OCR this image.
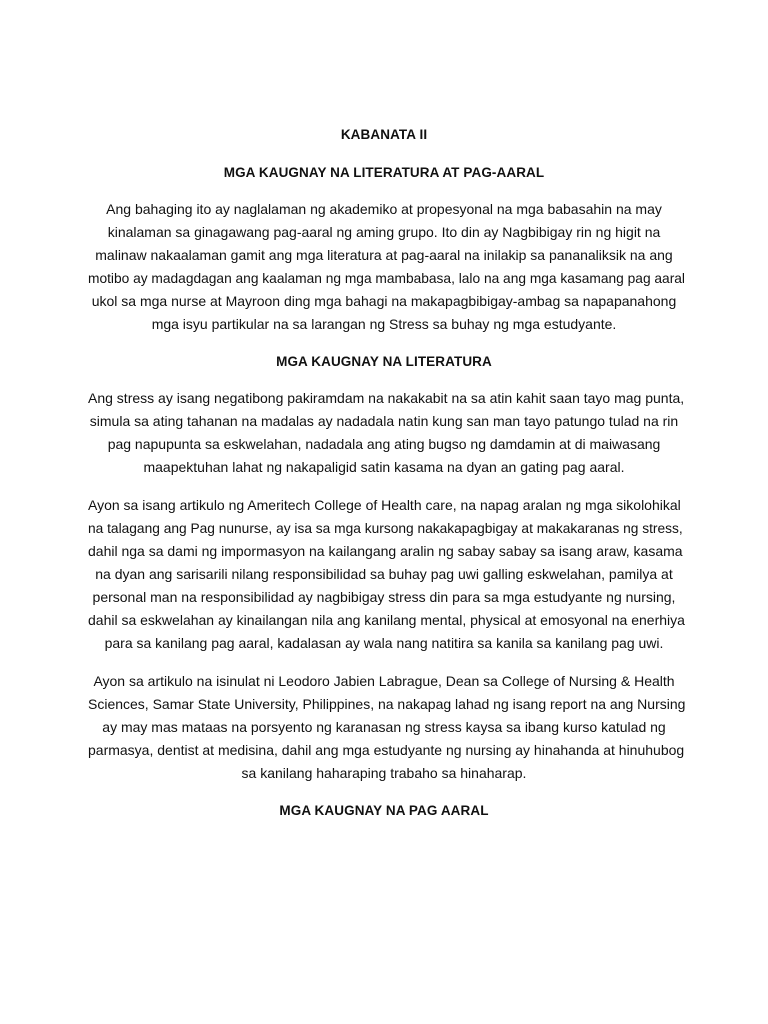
KABANATA II
MGA KAUGNAY NA LITERATURA AT PAG-AARAL
Ang bahaging ito ay naglalaman ng akademiko at propesyonal na mga babasahin na may
kinalaman sa ginagawang pag-aaral ng aming grupo. Ito din ay Nagbibigay rin ng higit na
malinaw nakaalaman gamit ang mga literatura at pag-aaral na inilakip sa pananaliksik na ang
motibo ay madagdagan ang kaalaman ng mga mambabasa, lalo na ang mga kasamang pag aaral
ukol sa mga nurse at Mayroon ding mga bahagi na makapagbibigay-ambag sa napapanahong
mga isyu partikular na sa larangan ng Stress sa buhay ng mga estudyante.
MGA KAUGNAY NA LITERATURA
Ang stress ay isang negatibong pakiramdam na nakakabit na sa atin kahit saan tayo mag punta,
simula sa ating tahanan na madalas ay nadadala natin kung san man tayo patungo tulad na rin
pag napupunta sa eskwelahan, nadadala ang ating bugso ng damdamin at di maiwasang
maapektuhan lahat ng nakapaligid satin kasama na dyan an gating pag aaral.
Ayon sa isang artikulo ng Ameritech College of Health care, na napag aralan ng mga sikolohikal
na talagang ang Pag nunurse, ay isa sa mga kursong nakakapagbigay at makakaranas ng stress,
dahil nga sa dami ng impormasyon na kailangang aralin ng sabay sabay sa isang araw, kasama
na dyan ang sarisarili nilang responsibilidad sa buhay pag uwi galling eskwelahan, pamilya at
personal man na responsibilidad ay nagbibigay stress din para sa mga estudyante ng nursing,
dahil sa eskwelahan ay kinailangan nila ang kanilang mental, physical at emosyonal na enerhiya
para sa kanilang pag aaral, kadalasan ay wala nang natitira sa kanila sa kanilang pag uwi.
Ayon sa artikulo na isinulat ni Leodoro Jabien Labrague, Dean sa College of Nursing & Health
Sciences, Samar State University, Philippines, na nakapag lahad ng isang report na ang Nursing
ay may mas mataas na porsyento ng karanasan ng stress kaysa sa ibang kurso katulad ng
parmasya, dentist at medisina, dahil ang mga estudyante ng nursing ay hinahanda at hinuhubog
sa kanilang haharaping trabaho sa hinaharap.
MGA KAUGNAY NA PAG AARAL
